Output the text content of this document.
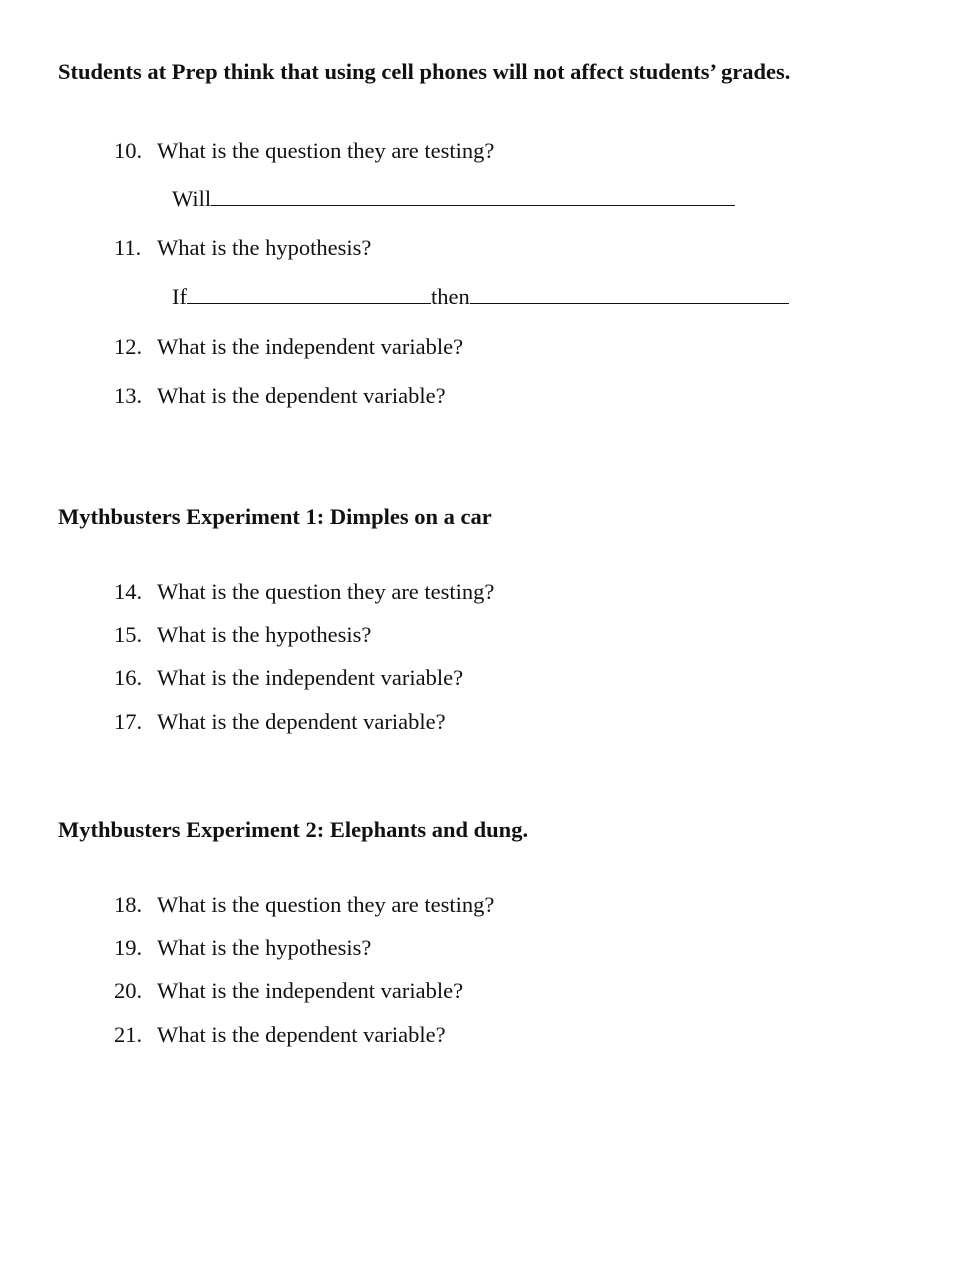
Students at Prep think that using cell phones will not affect students’ grades.
10. What is the question they are testing?
Will
11. What is the hypothesis?
If	then
12. What is the independent variable?
13. What is the dependent variable?
Mythbusters Experiment 1: Dimples on a car
14. What is the question they are testing?
15. What is the hypothesis?
16. What is the independent variable?
17. What is the dependent variable?
Mythbusters Experiment 2: Elephants and dung.
18. What is the question they are testing?
19. What is the hypothesis?
20. What is the independent variable?
21. What is the dependent variable?
